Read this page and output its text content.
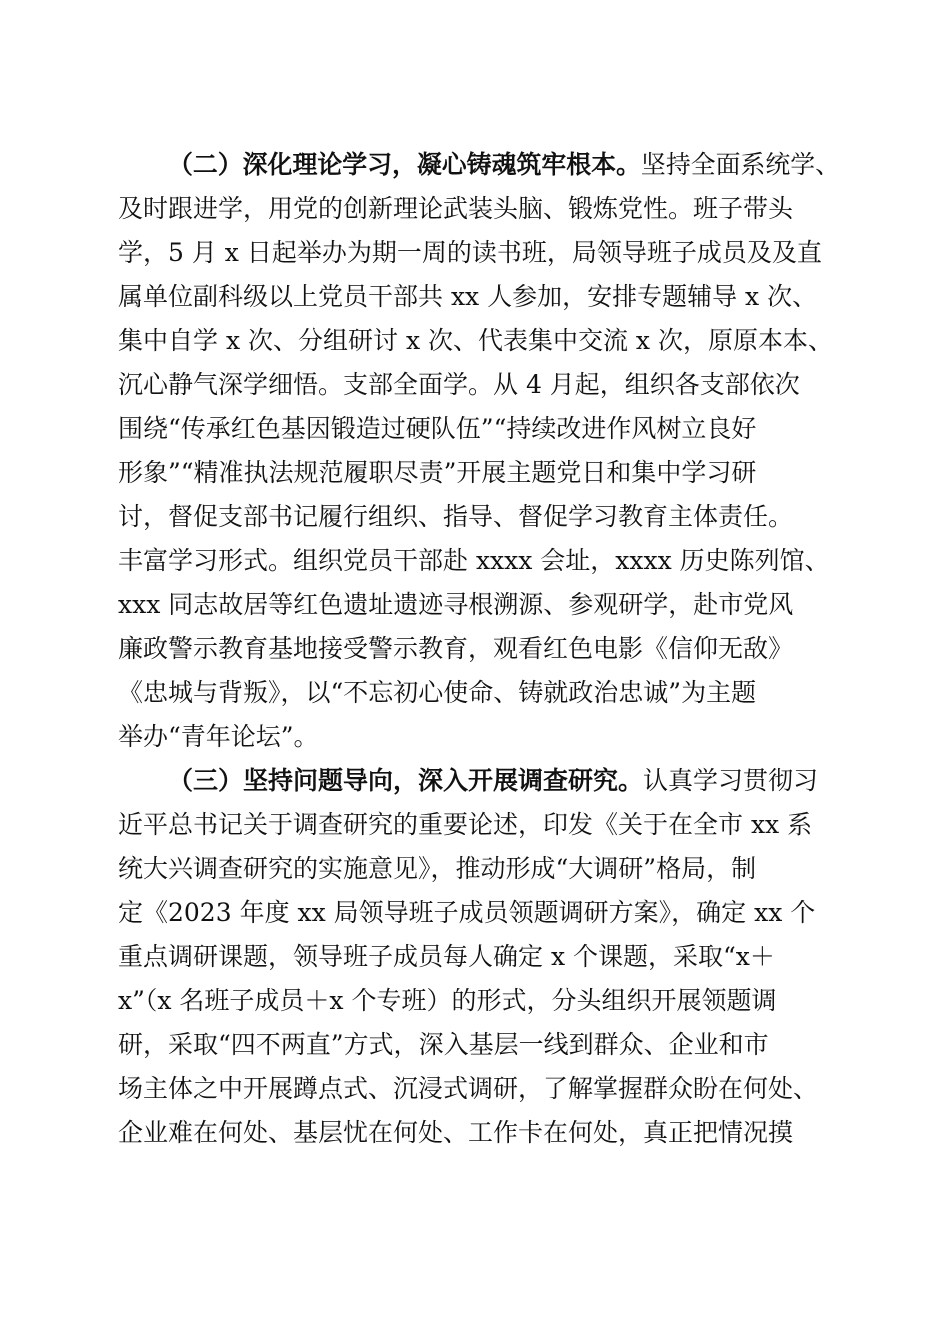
（二）深化理论学习，凝心铸魂筑牢根本。坚持全面系统学、
及时跟进学，用党的创新理论武装头脑、锻炼党性。班子带头
学，5 月 x 日起举办为期一周的读书班，局领导班子成员及及直
属单位副科级以上党员干部共 xx 人参加，安排专题辅导 x 次、
集中自学 x 次、分组研讨 x 次、代表集中交流 x 次，原原本本、
沉心静气深学细悟。支部全面学。从 4 月起，组织各支部依次
围绕“传承红色基因锻造过硬队伍”“持续改进作风树立良好
形象”“精准执法规范履职尽责”开展主题党日和集中学习研
讨，督促支部书记履行组织、指导、督促学习教育主体责任。
丰富学习形式。组织党员干部赴 xxxx 会址，xxxx 历史陈列馆、
xxx 同志故居等红色遗址遗迹寻根溯源、参观研学，赴市党风
廉政警示教育基地接受警示教育，观看红色电影《信仰无敌》
《忠城与背叛》，以“不忘初心使命、铸就政治忠诚”为主题
举办“青年论坛”。
（三）坚持问题导向，深入开展调查研究。认真学习贯彻习
近平总书记关于调查研究的重要论述，印发《关于在全市 xx 系
统大兴调查研究的实施意见》，推动形成“大调研”格局，制
定《2023 年度 xx 局领导班子成员领题调研方案》，确定 xx 个
重点调研课题，领导班子成员每人确定 x 个课题，采取“x＋
x”（x 名班子成员＋x 个专班）的形式，分头组织开展领题调
研，采取“四不两直”方式，深入基层一线到群众、企业和市
场主体之中开展蹲点式、沉浸式调研，了解掌握群众盼在何处、
企业难在何处、基层忧在何处、工作卡在何处，真正把情况摸
